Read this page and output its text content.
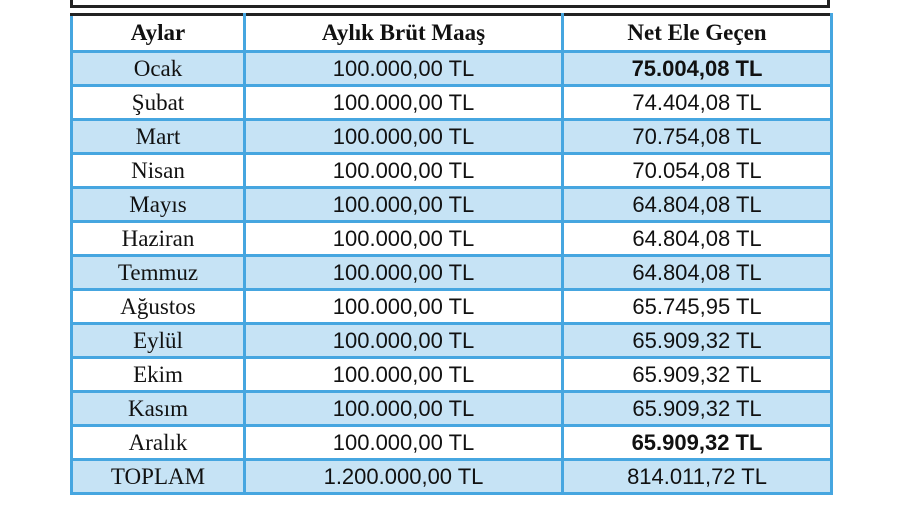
Aylar	Aylık Brüt Maaş	Net Ele Geçen
Ocak	100.000,00 TL	75.004,08 TL
Şubat	100.000,00 TL	74.404,08 TL
Mart	100.000,00 TL	70.754,08 TL
Nisan	100.000,00 TL	70.054,08 TL
Mayıs	100.000,00 TL	64.804,08 TL
Haziran	100.000,00 TL	64.804,08 TL
Temmuz	100.000,00 TL	64.804,08 TL
Ağustos	100.000,00 TL	65.745,95 TL
Eylül	100.000,00 TL	65.909,32 TL
Ekim	100.000,00 TL	65.909,32 TL
Kasım	100.000,00 TL	65.909,32 TL
Aralık	100.000,00 TL	65.909,32 TL
TOPLAM	1.200.000,00 TL	814.011,72 TL
